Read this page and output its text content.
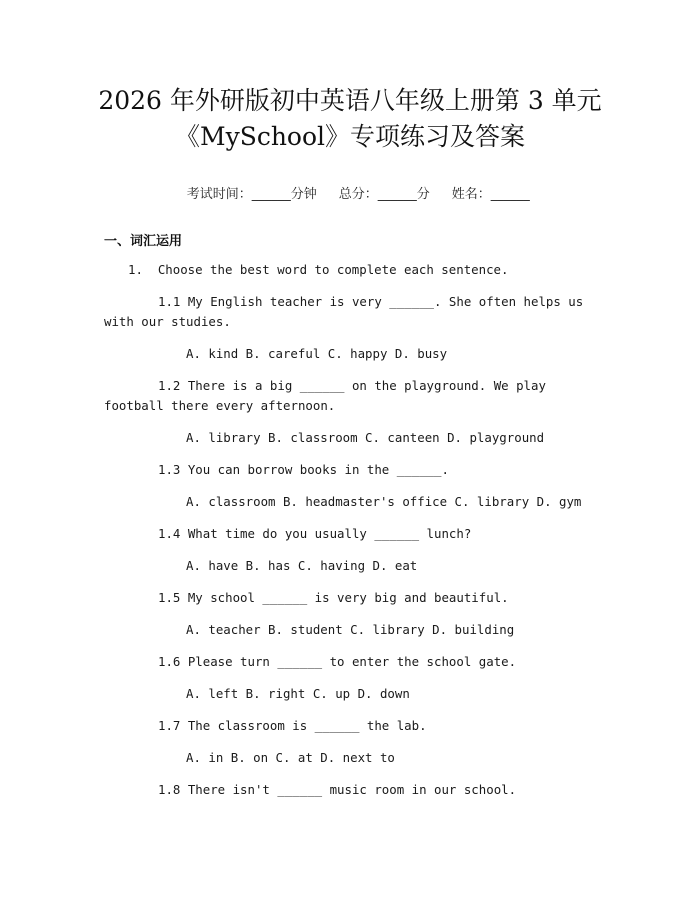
2026 年外研版初中英语八年级上册第 3 单元
《MySchool》专项练习及答案

考试时间：______分钟 总分：______分 姓名：______

一、词汇运用
1.  Choose the best word to complete each sentence.
1.1 My English teacher is very ______. She often helps us with our studies.
A. kind B. careful C. happy D. busy
1.2 There is a big ______ on the playground. We play football there every afternoon.
A. library B. classroom C. canteen D. playground
1.3 You can borrow books in the ______.
A. classroom B. headmaster's office C. library D. gym
1.4 What time do you usually ______ lunch?
A. have B. has C. having D. eat
1.5 My school ______ is very big and beautiful.
A. teacher B. student C. library D. building
1.6 Please turn ______ to enter the school gate.
A. left B. right C. up D. down
1.7 The classroom is ______ the lab.
A. in B. on C. at D. next to
1.8 There isn't ______ music room in our school.
